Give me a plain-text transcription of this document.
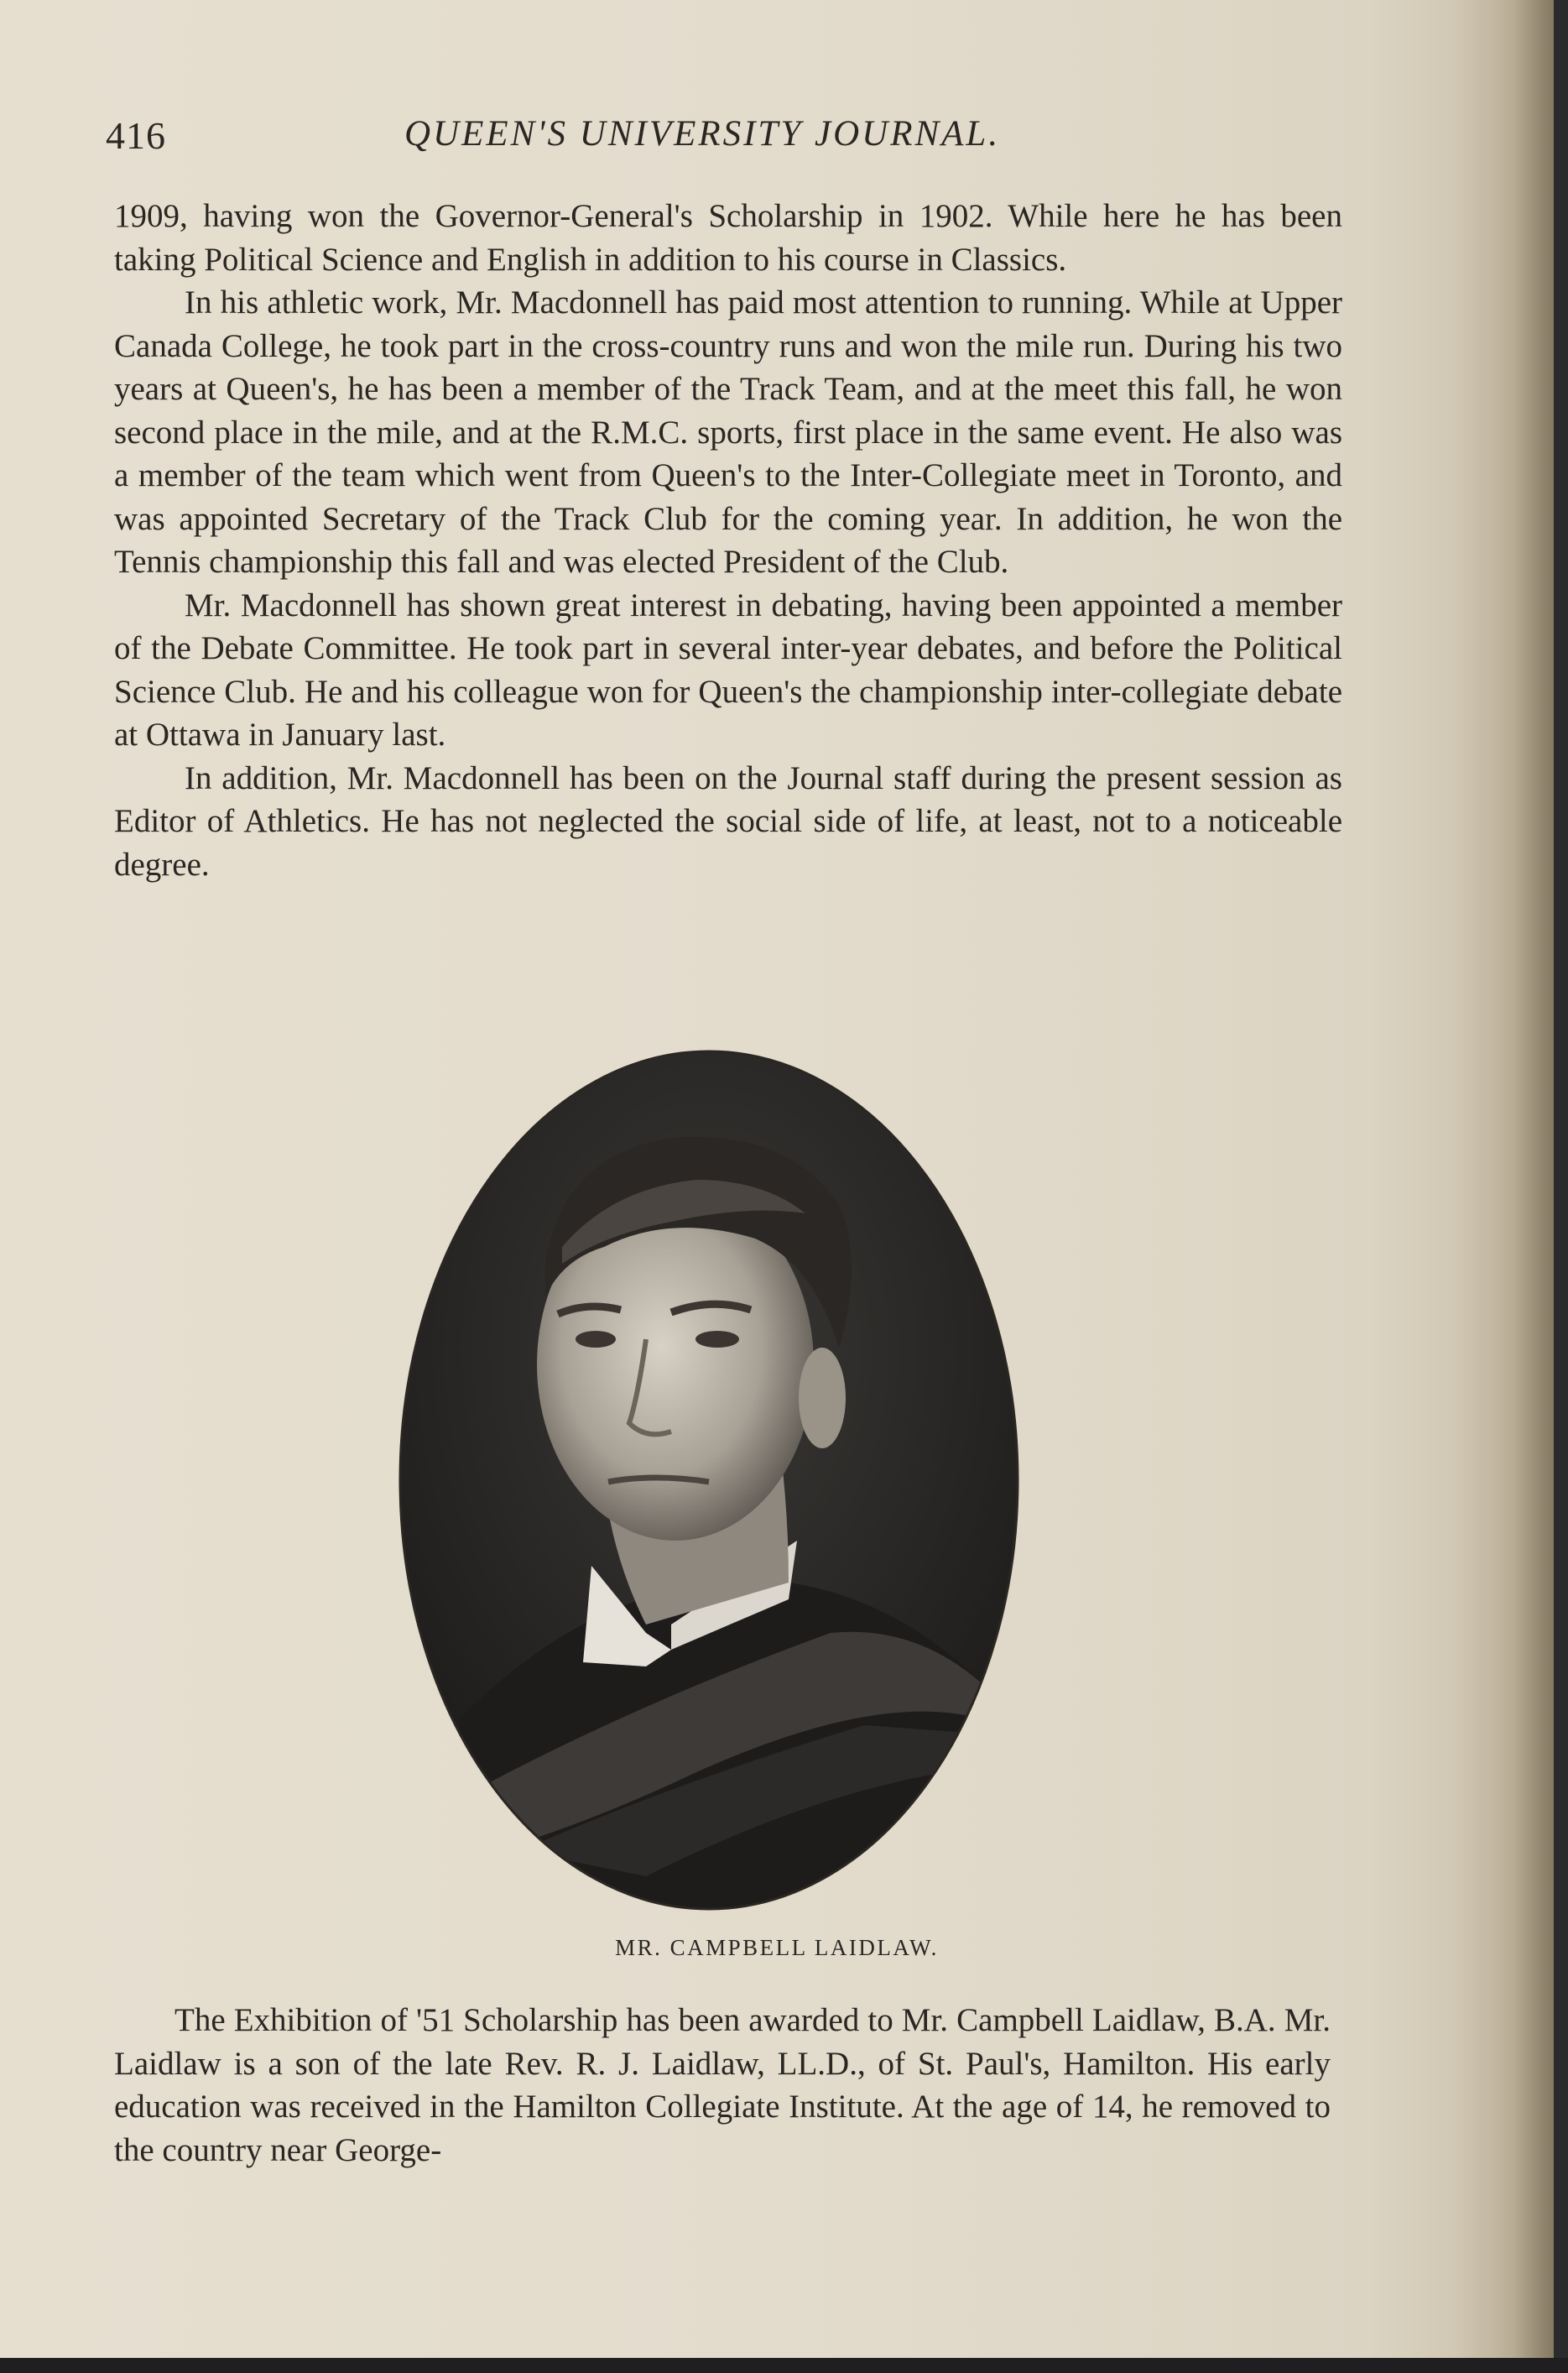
416	QUEEN'S UNIVERSITY JOURNAL.

1909, having won the Governor-General's Scholarship in 1902. While here he has been taking Political Science and English in addition to his course in Classics.

In his athletic work, Mr. Macdonnell has paid most attention to running. While at Upper Canada College, he took part in the cross-country runs and won the mile run. During his two years at Queen's, he has been a member of the Track Team, and at the meet this fall, he won second place in the mile, and at the R.M.C. sports, first place in the same event. He also was a member of the team which went from Queen's to the Inter-Collegiate meet in Toronto, and was appointed Secretary of the Track Club for the coming year. In addition, he won the Tennis championship this fall and was elected President of the Club.

Mr. Macdonnell has shown great interest in debating, having been appointed a member of the Debate Committee. He took part in several inter-year debates, and before the Political Science Club. He and his colleague won for Queen's the championship inter-collegiate debate at Ottawa in January last.

In addition, Mr. Macdonnell has been on the Journal staff during the present session as Editor of Athletics. He has not neglected the social side of life, at least, not to a noticeable degree.

MR. CAMPBELL LAIDLAW.

The Exhibition of '51 Scholarship has been awarded to Mr. Campbell Laidlaw, B.A. Mr. Laidlaw is a son of the late Rev. R. J. Laidlaw, LL.D., of St. Paul's, Hamilton. His early education was received in the Hamilton Collegiate Institute. At the age of 14, he removed to the country near George-
